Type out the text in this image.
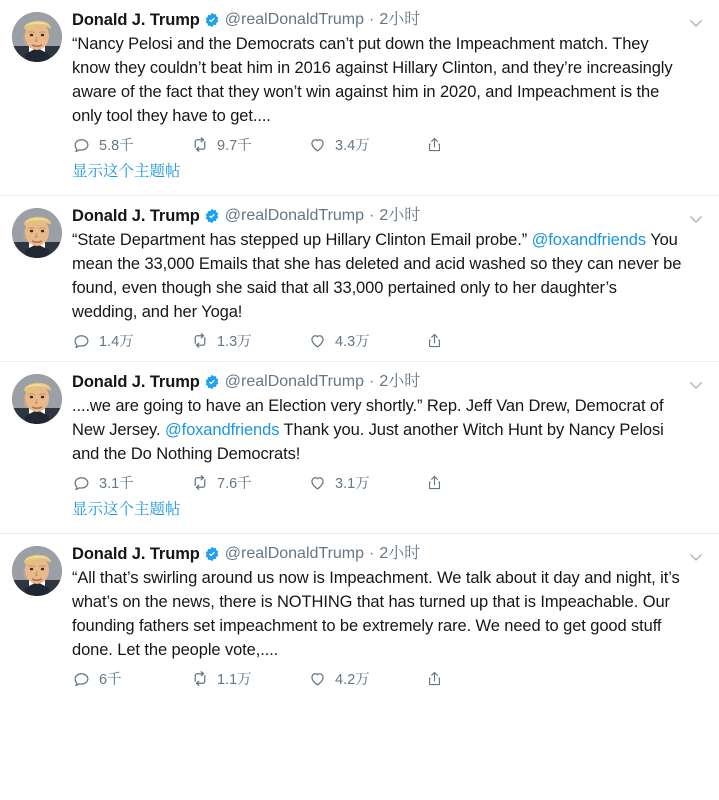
Donald J. Trump @realDonaldTrump · 2小时
“Nancy Pelosi and the Democrats can’t put down the Impeachment match. They know they couldn’t beat him in 2016 against Hillary Clinton, and they’re increasingly aware of the fact that they won’t win against him in 2020, and Impeachment is the only tool they have to get....
5.8千	9.7千	3.4万
显示这个主题帖
Donald J. Trump @realDonaldTrump · 2小时
“State Department has stepped up Hillary Clinton Email probe.” @foxandfriends You mean the 33,000 Emails that she has deleted and acid washed so they can never be found, even though she said that all 33,000 pertained only to her daughter’s wedding, and her Yoga!
1.4万	1.3万	4.3万
Donald J. Trump @realDonaldTrump · 2小时
....we are going to have an Election very shortly.” Rep. Jeff Van Drew, Democrat of New Jersey. @foxandfriends Thank you. Just another Witch Hunt by Nancy Pelosi and the Do Nothing Democrats!
3.1千	7.6千	3.1万
显示这个主题帖
Donald J. Trump @realDonaldTrump · 2小时
“All that’s swirling around us now is Impeachment. We talk about it day and night, it’s what’s on the news, there is NOTHING that has turned up that is Impeachable. Our founding fathers set impeachment to be extremely rare. We need to get good stuff done. Let the people vote,....
6千	1.1万	4.2万
